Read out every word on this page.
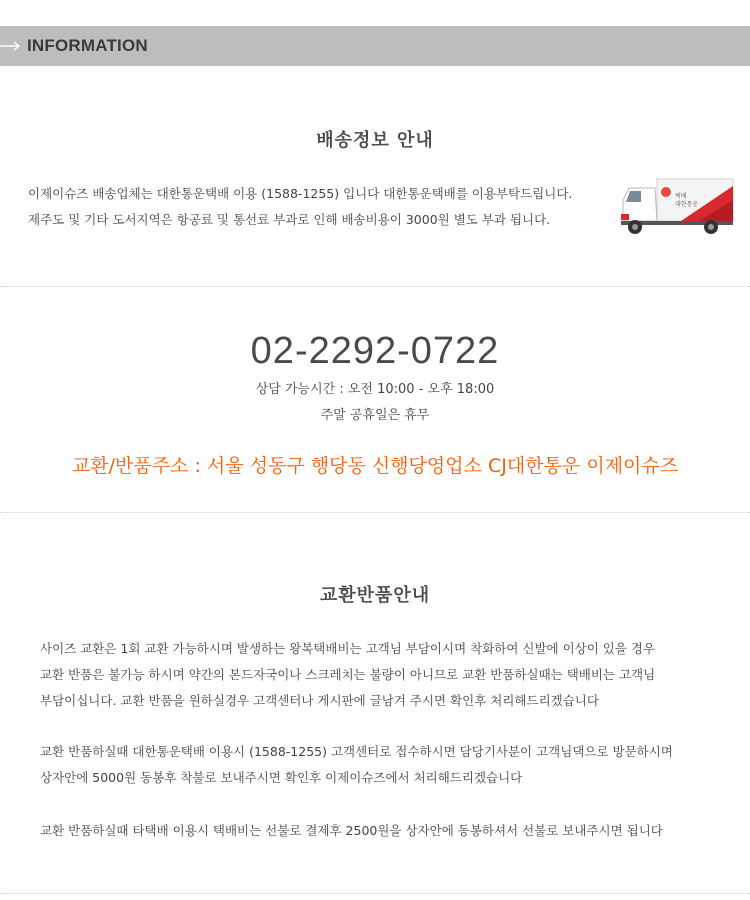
INFORMATION
배송정보 안내
이제이슈즈 배송업체는 대한통운택배 이용 (1588-1255) 입니다 대한통운택배를 이용부탁드립니다.
제주도 및 기타 도서지역은 항공료 및 통선료 부과로 인해 배송비용이 3000원 별도 부과 됩니다.
택배
대한통운
02-2292-0722
상담 가능시간 : 오전 10:00 - 오후 18:00
주말 공휴일은 휴무
교환/반품주소 : 서울 성동구 행당동 신행당영업소 CJ대한통운 이제이슈즈
교환반품안내
사이즈 교환은 1회 교환 가능하시며 발생하는 왕복택배비는 고객님 부담이시며 착화하여 신발에 이상이 있을 경우
교환 반품은 불가능 하시며 약간의 본드자국이나 스크레치는 불량이 아니므로 교환 반품하실때는 택배비는 고객님
부담이십니다. 교환 반품을 원하실경우 고객센터나 게시판에 글남겨 주시면 확인후 처리해드리겠습니다
교환 반품하실때 대한통운택배 이용시 (1588-1255) 고객센터로 접수하시면 담당기사분이 고객님댁으로 방문하시며
상자안에 5000원 동봉후 착불로 보내주시면 확인후 이제이슈즈에서 처리해드리겠습니다
교환 반품하실때 타택배 이용시 택배비는 선불로 결제후 2500원을 상자안에 동봉하셔서 선불로 보내주시면 됩니다
